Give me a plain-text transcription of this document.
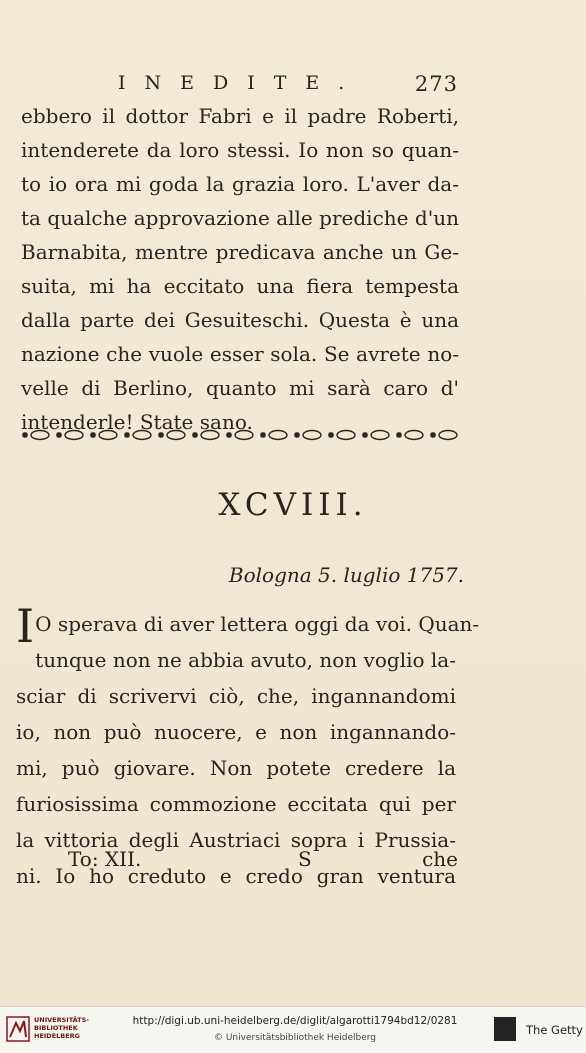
INEDITE. 273
ebbero il dottor Fabri e il padre Roberti,
intenderete da loro stessi. Io non so quan-
to io ora mi goda la grazia loro. L'aver da-
ta qualche approvazione alle prediche d'un
Barnabita, mentre predicava anche un Ge-
suita, mi ha eccitato una fiera tempesta
dalla parte dei Gesuiteschi. Questa è una
nazione che vuole esser sola. Se avrete no-
velle di Berlino, quanto mi sarà caro d'
intenderle! State sano.
XCVIII.
Bologna 5. luglio 1757.
I O sperava di aver lettera oggi da voi. Quan-
tunque non ne abbia avuto, non voglio la-
sciar di scrivervi ciò, che, ingannandomi
io, non può nuocere, e non ingannando-
mi, può giovare. Non potete credere la
furiosissima commozione eccitata qui per
la vittoria degli Austriaci sopra i Prussia-
ni. Io ho creduto e credo gran ventura
To: XII.	S	che
UNIVERSITÄTS-
BIBLIOTHEK
HEIDELBERG
http://digi.ub.uni-heidelberg.de/diglit/algarotti1794bd12/0281
© Universitätsbibliothek Heidelberg
The Getty
